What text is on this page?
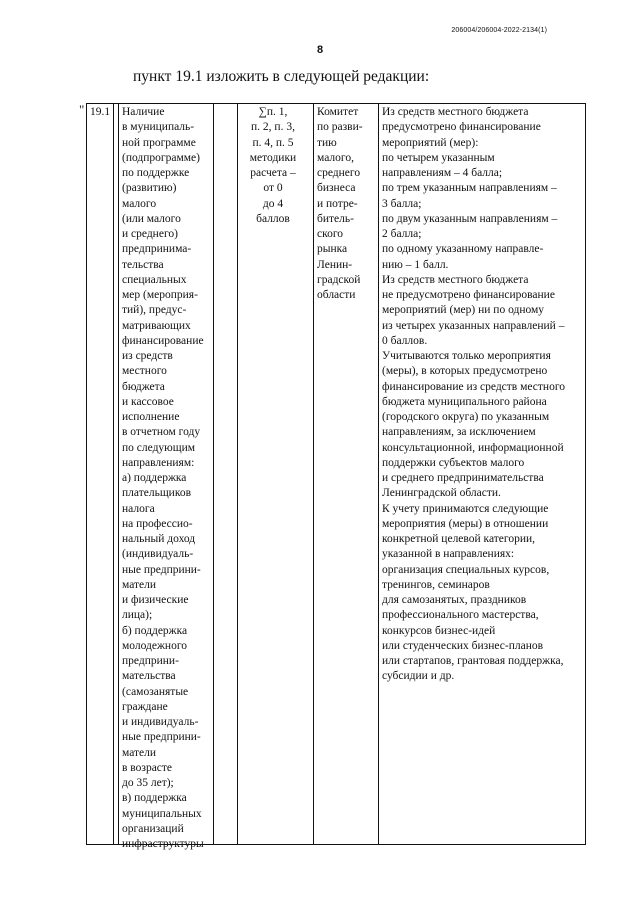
206004/206004-2022-2134(1)
8
пункт 19.1 изложить в следующей редакции:
" 19.1 Наличие
в муниципаль-
ной программе
(подпрограмме)
по поддержке
(развитию)
малого
(или малого
и среднего)
предпринима-
тельства
специальных
мер (мероприя-
тий), предус-
матривающих
финансирование
из средств
местного
бюджета
и кассовое
исполнение
в отчетном году
по следующим
направлениям:
а) поддержка
плательщиков
налога
на профессио-
нальный доход
(индивидуаль-
ные предприни-
матели
и физические
лица);
б) поддержка
молодежного
предприни-
мательства
(самозанятые
граждане
и индивидуаль-
ные предприни-
матели
в возрасте
до 35 лет);
в) поддержка
муниципальных
организаций
инфраструктуры
∑п. 1,
п. 2, п. 3,
п. 4, п. 5
методики
расчета –
от 0
до 4
баллов
Комитет
по разви-
тию
малого,
среднего
бизнеса
и потре-
битель-
ского
рынка
Ленин-
градской
области
Из средств местного бюджета
предусмотрено финансирование
мероприятий (мер):
по четырем указанным
направлениям – 4 балла;
по трем указанным направлениям –
3 балла;
по двум указанным направлениям –
2 балла;
по одному указанному направле-
нию – 1 балл.
Из средств местного бюджета
не предусмотрено финансирование
мероприятий (мер) ни по одному
из четырех указанных направлений –
0 баллов.
Учитываются только мероприятия
(меры), в которых предусмотрено
финансирование из средств местного
бюджета муниципального района
(городского округа) по указанным
направлениям, за исключением
консультационной, информационной
поддержки субъектов малого
и среднего предпринимательства
Ленинградской области.
К учету принимаются следующие
мероприятия (меры) в отношении
конкретной целевой категории,
указанной в направлениях:
организация специальных курсов,
тренингов, семинаров
для самозанятых, праздников
профессионального мастерства,
конкурсов бизнес-идей
или студенческих бизнес-планов
или стартапов, грантовая поддержка,
субсидии и др.
